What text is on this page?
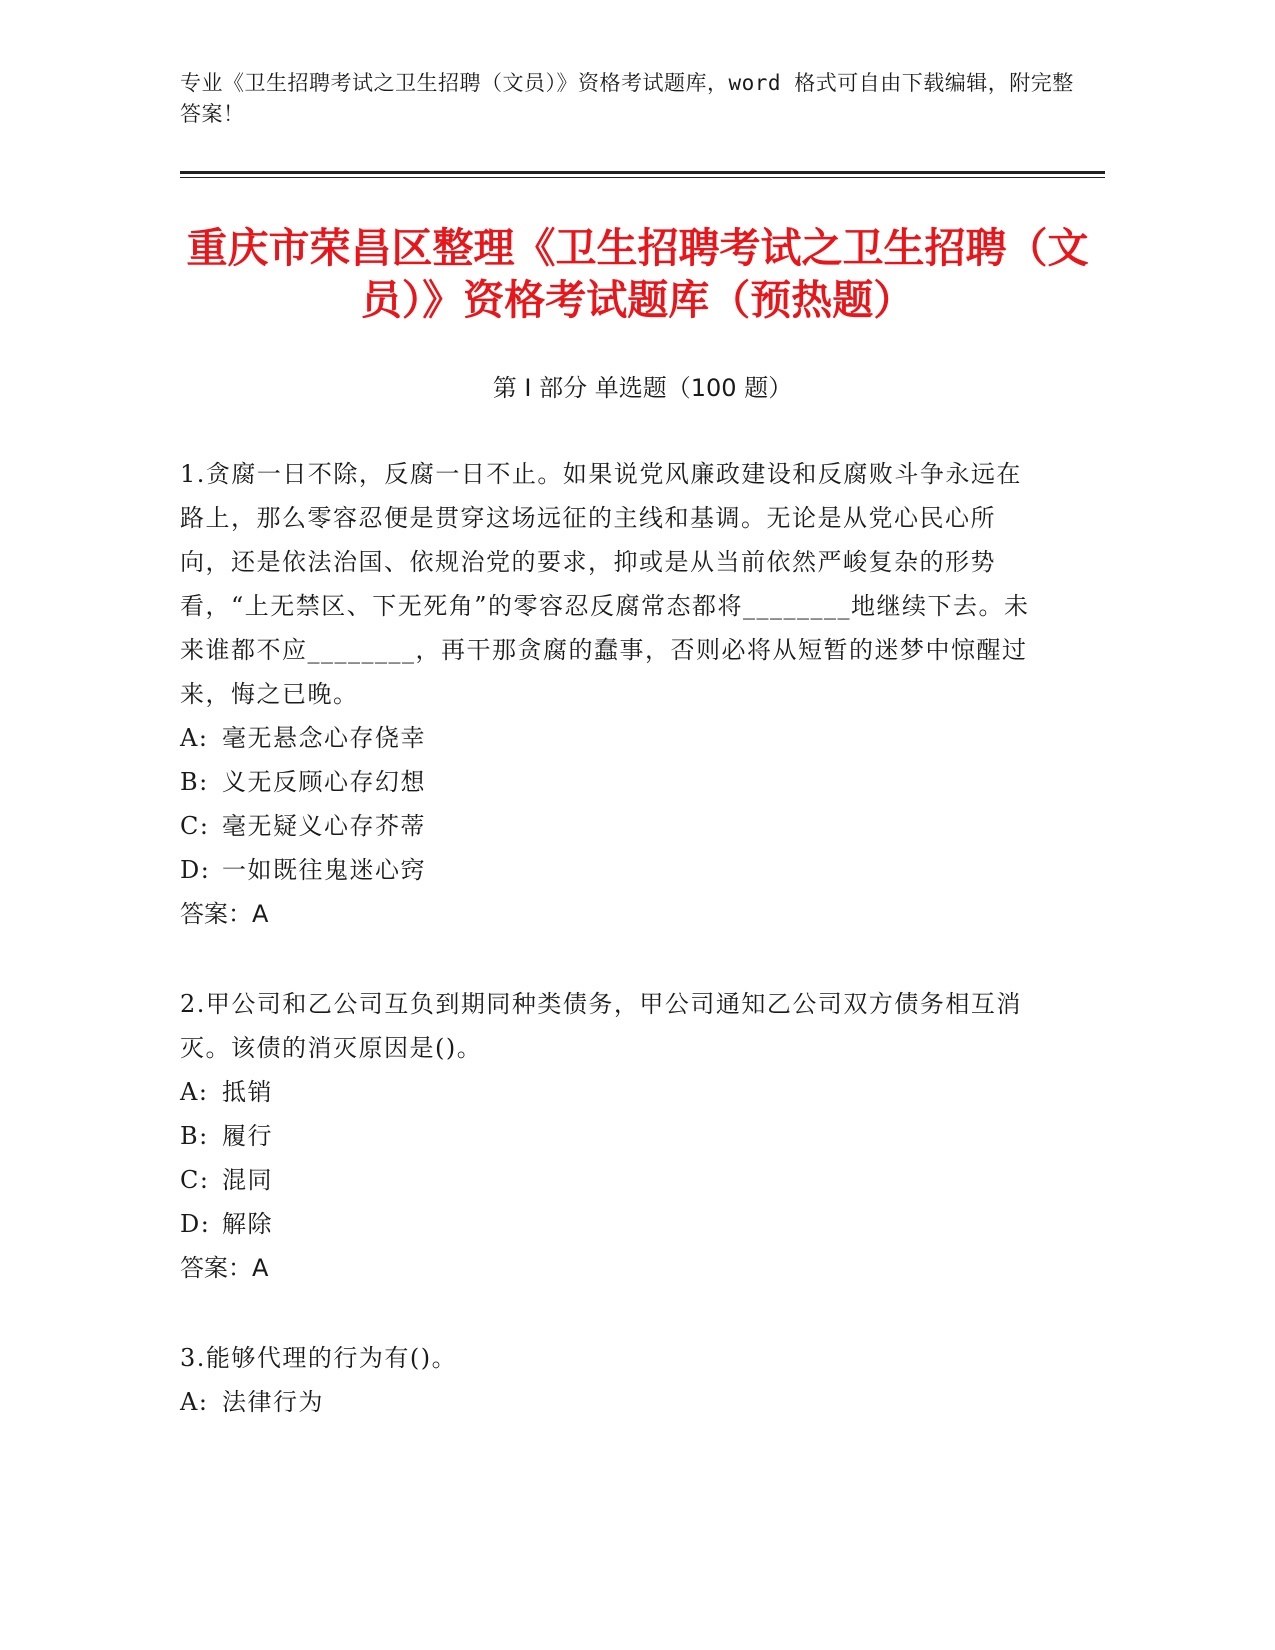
专业《卫生招聘考试之卫生招聘（文员）》资格考试题库，word 格式可自由下载编辑，附完整答案！
重庆市荣昌区整理《卫生招聘考试之卫生招聘（文员）》资格考试题库（预热题）
第 I 部分 单选题（100 题）
1.贪腐一日不除，反腐一日不止。如果说党风廉政建设和反腐败斗争永远在路上，那么零容忍便是贯穿这场远征的主线和基调。无论是从党心民心所向，还是依法治国、依规治党的要求，抑或是从当前依然严峻复杂的形势看，“上无禁区、下无死角”的零容忍反腐常态都将________地继续下去。未来谁都不应________，再干那贪腐的蠢事，否则必将从短暂的迷梦中惊醒过来，悔之已晚。
A: 毫无悬念心存侥幸
B: 义无反顾心存幻想
C: 毫无疑义心存芥蒂
D: 一如既往鬼迷心窍
答案：A
2.甲公司和乙公司互负到期同种类债务，甲公司通知乙公司双方债务相互消灭。该债的消灭原因是()。
A: 抵销
B: 履行
C: 混同
D: 解除
答案：A
3.能够代理的行为有()。
A: 法律行为
